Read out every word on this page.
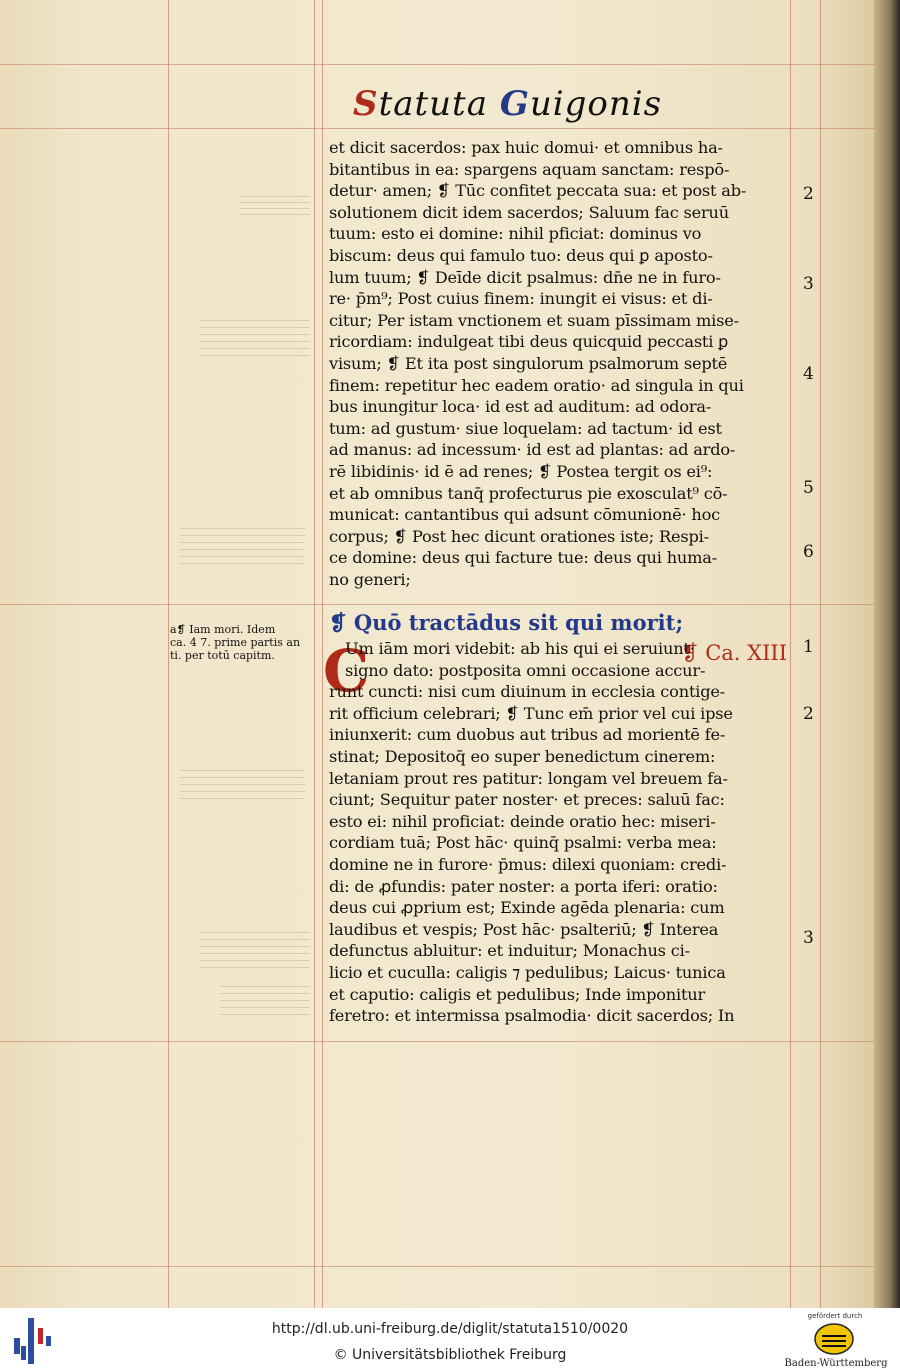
Statuta Guigonis
et dicit sacerdos: pax huic domui· et omnibus ha-
bitantibus in ea: spargens aquam sanctam: respō-
detur· amen; ❡ Tūc confitet peccata sua: et post ab-
solutionem dicit idem sacerdos; Saluum fac seruū
tuum: esto ei domine: nihil pficiat: dominus vo
biscum: deus qui famulo tuo: deus qui ꝑ aposto-
lum tuum; ❡ Deīde dicit psalmus: dn̄e ne in furo-
re· p̄m⁹; Post cuius finem: inungit ei visus: et di-
citur; Per istam vnctionem et suam pīssimam mise-
ricordiam: indulgeat tibi deus quicquid peccasti ꝑ
visum; ❡ Et ita post singulorum psalmorum septē
finem: repetitur hec eadem oratio· ad singula in qui
bus inungitur loca· id est ad auditum: ad odora-
tum: ad gustum· siue loquelam: ad tactum· id est
ad manus: ad incessum· id est ad plantas: ad ardo-
rē libidinis· id ē ad renes; ❡ Postea tergit os ei⁹:
et ab omnibus tanq̄ profecturus pie exosculat⁹ cō-
municat: cantantibus qui adsunt cōmunionē· hoc
corpus; ❡ Post hec dicunt orationes iste; Respi-
ce domine: deus qui facture tue: deus qui huma-
no generi;
❡ Quō tractādus sit qui morit;
❡ Ca. XIII
C
Um iām mori videbit: ab his qui ei seruiunt·
signo dato: postposita omni occasione accur-
runt cuncti: nisi cum diuinum in ecclesia contige-
rit officium celebrari; ❡ Tunc em̄ prior vel cui ipse
iniunxerit: cum duobus aut tribus ad morientē fe-
stinat; Depositoq̄ eo super benedictum cinerem:
letaniam prout res patitur: longam vel breuem fa-
ciunt; Sequitur pater noster· et preces: saluū fac:
esto ei: nihil proficiat: deinde oratio hec: miseri-
cordiam tuā; Post hāc· quinq̄ psalmi: verba mea:
domine ne in furore· p̄mus: dilexi quoniam: credi-
di: de ꝓfundis: pater noster: a porta iferi: oratio:
deus cui ꝓprium est; Exinde agēda plenaria: cum
laudibus et vespis; Post hāc· psalteriū; ❡ Interea
defunctus abluitur: et induitur; Monachus ci-
licio et cuculla: caligis ⁊ pedulibus; Laicus· tunica
et caputio: caligis et pedulibus; Inde imponitur
feretro: et intermissa psalmodia· dicit sacerdos; In
2
3
4
5
6
1
2
3
a❡ Iam mori. Idem
ca. 4 7. prime partis an
ti. per totū capitm.
http://dl.ub.uni-freiburg.de/diglit/statuta1510/0020
© Universitätsbibliothek Freiburg
gefördert durch
Baden-Württemberg
